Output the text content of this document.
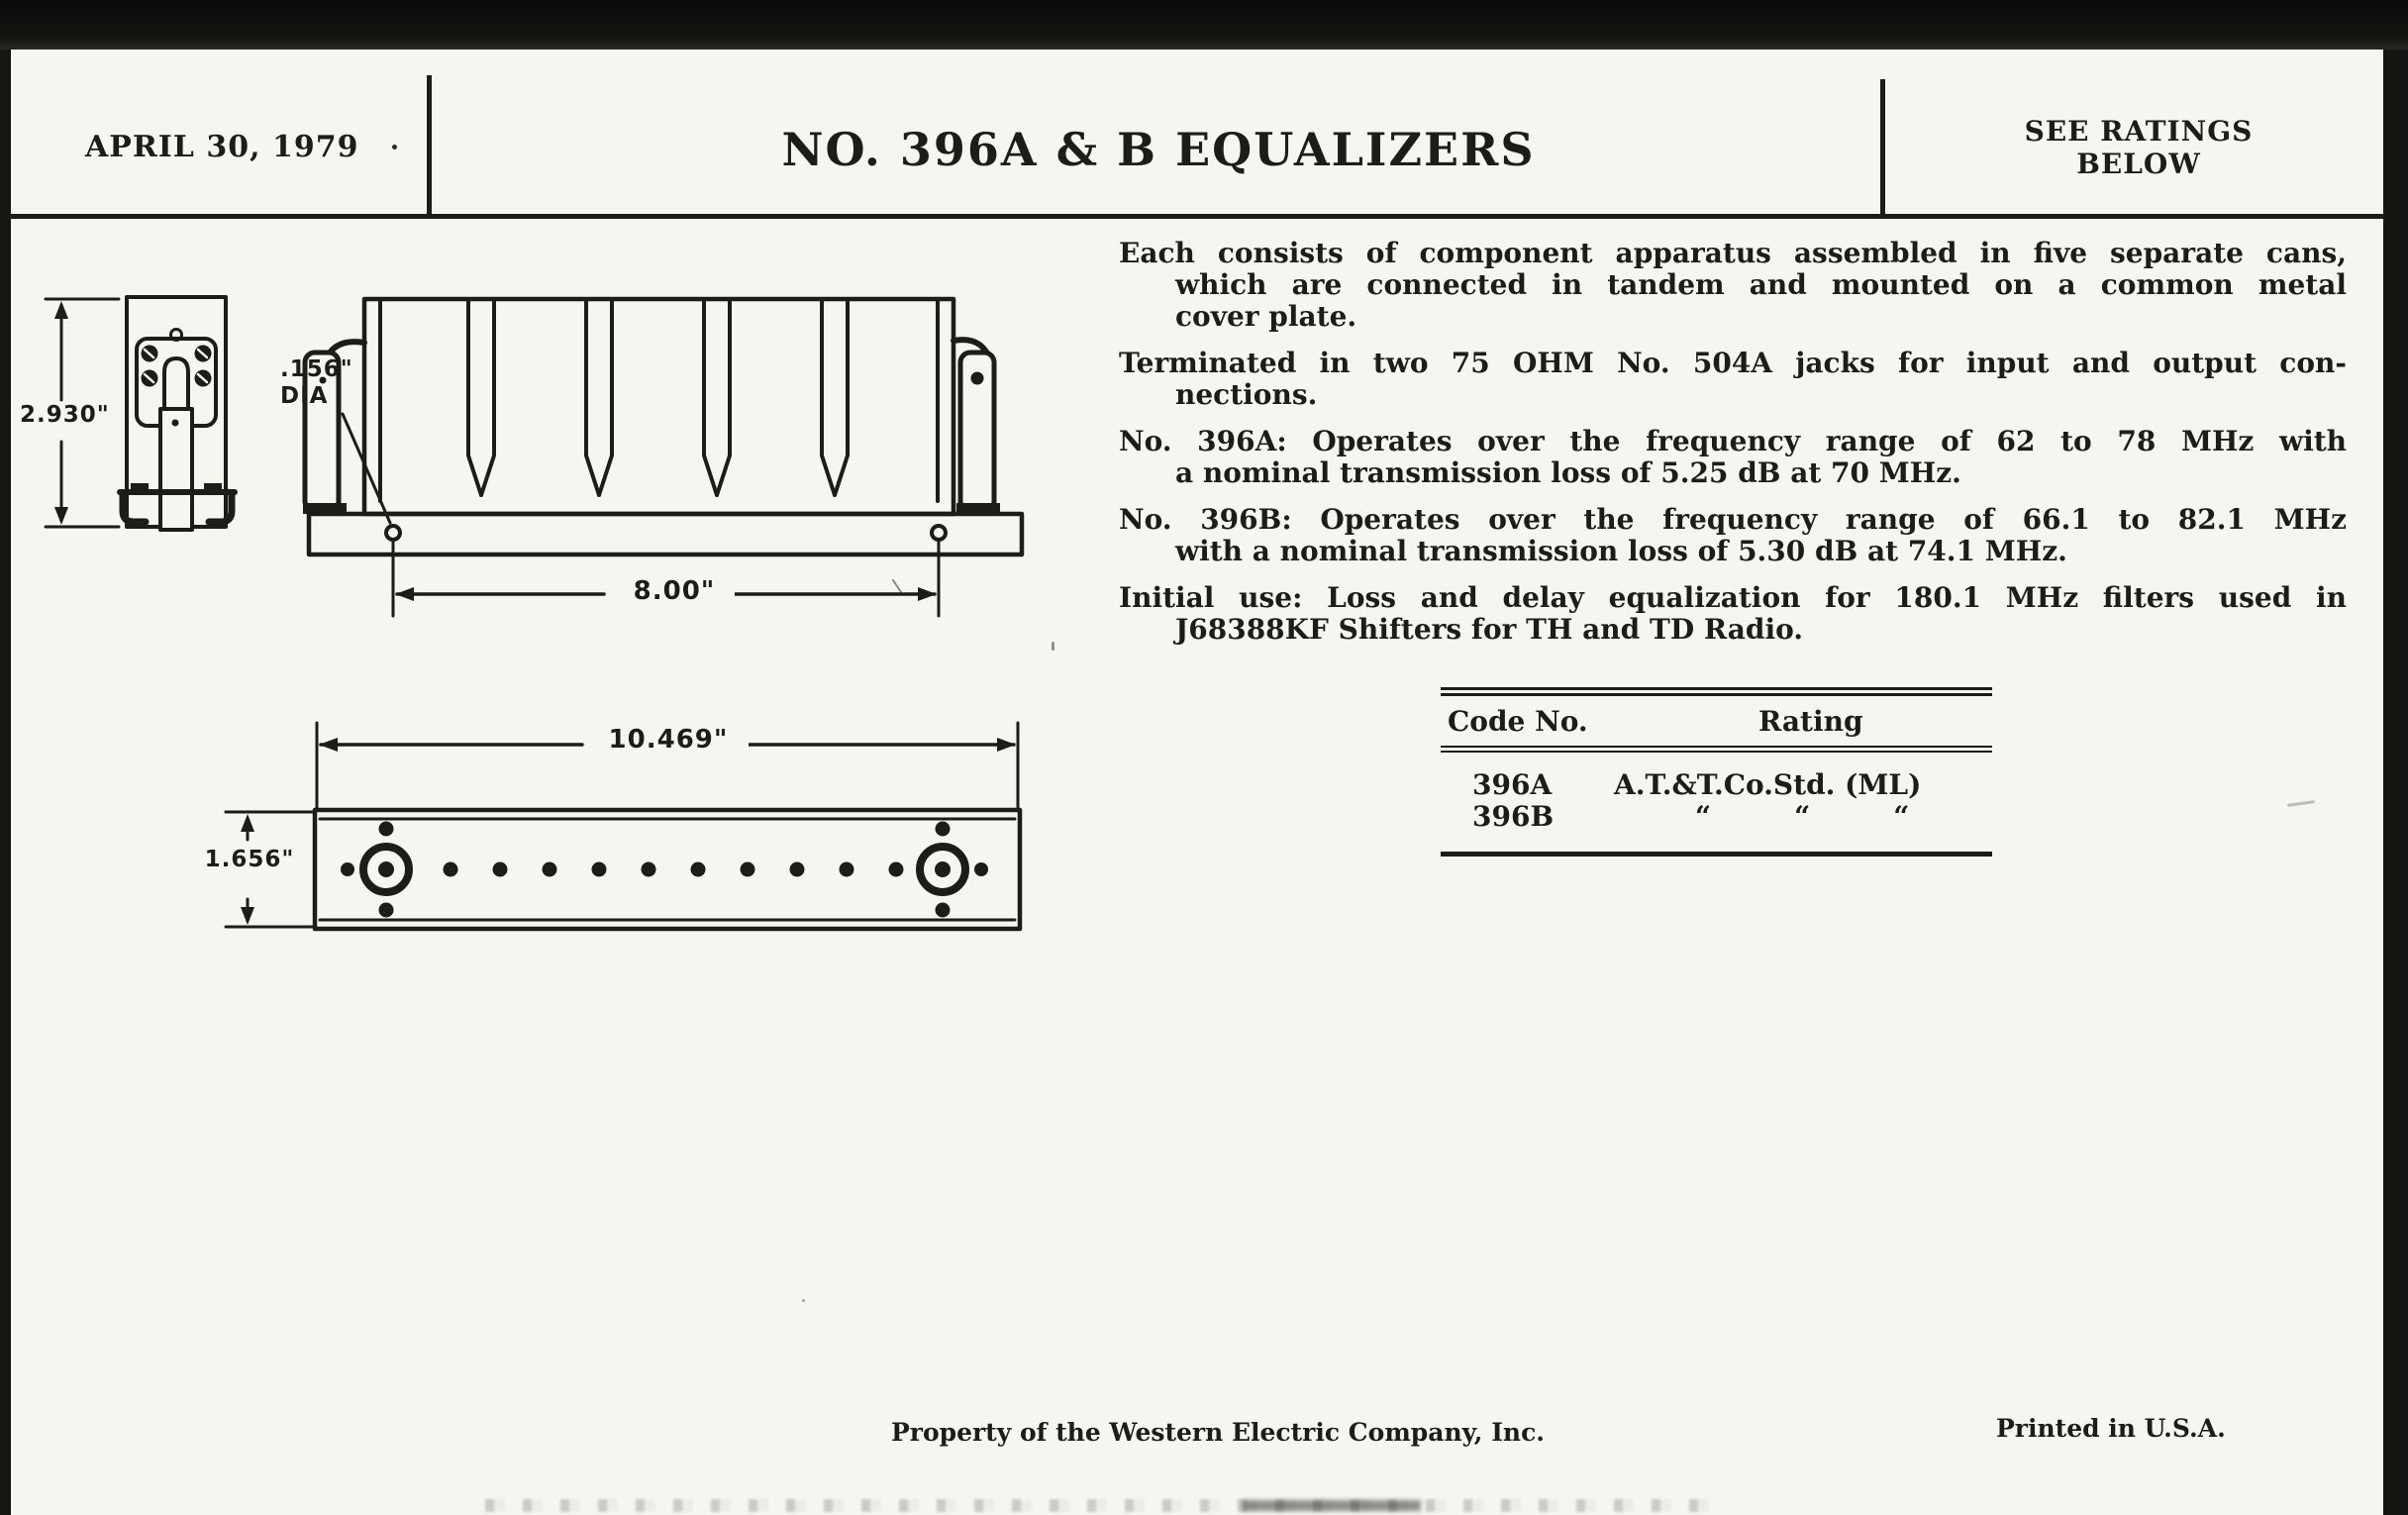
APRIL 30, 1979	NO. 396A & B EQUALIZERS	SEE RATINGS
BELOW
Each consists of component apparatus assembled in five separate cans,
which are connected in tandem and mounted on a common metal
cover plate.
Terminated in two 75 OHM No. 504A jacks for input and output con-
nections.
No. 396A: Operates over the frequency range of 62 to 78 MHz with
a nominal transmission loss of 5.25 dB at 70 MHz.
No. 396B: Operates over the frequency range of 66.1 to 82.1 MHz
with a nominal transmission loss of 5.30 dB at 74.1 MHz.
Initial use: Loss and delay equalization for 180.1 MHz filters used in
J68388KF Shifters for TH and TD Radio.
Code No.	Rating
396A A.T.&T.Co.Std. (ML)
396B	“   “   “
2.930"
.156"
DIA
8.00"
10.469"
1.656"
Property of the Western Electric Company, Inc.	Printed in U.S.A.
